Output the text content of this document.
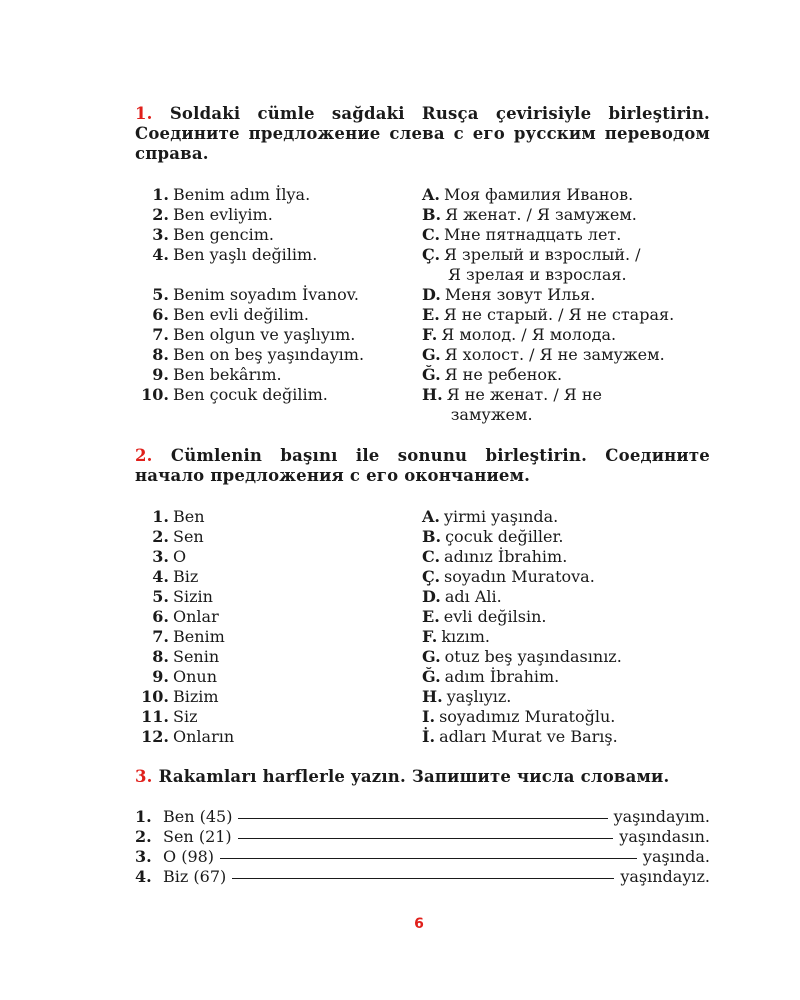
1. Soldaki cümle sağdaki Rusça çevirisiyle birleştirin. Соедините предложение слева с его русским переводом справа.
1. Benim adım İlya.
2. Ben evliyim.
3. Ben gencim.
4. Ben yaşlı değilim.
5. Benim soyadım İvanov.
6. Ben evli değilim.
7. Ben olgun ve yaşlıyım.
8. Ben on beş yaşındayım.
9. Ben bekârım.
10. Ben çocuk değilim.
A. Моя фамилия Иванов.
B. Я женат. / Я замужем.
C. Мне пятнадцать лет.
Ç. Я зрелый и взрослый. /
Я зрелая и взрослая.
D. Меня зовут Илья.
E. Я не старый. / Я не старая.
F. Я молод. / Я молода.
G. Я холост. / Я не замужем.
Ğ. Я не ребенок.
H. Я не женат. / Я не
замужем.
2. Cümlenin başını ile sonunu birleştirin. Соедините начало предложения с его окончанием.
1. Ben
2. Sen
3. O
4. Biz
5. Sizin
6. Onlar
7. Benim
8. Senin
9. Onun
10. Bizim
11. Siz
12. Onların
A. yirmi yaşında.
B. çocuk değiller.
C. adınız İbrahim.
Ç. soyadın Muratova.
D. adı Ali.
E. evli değilsin.
F. kızım.
G. otuz beş yaşındasınız.
Ğ. adım İbrahim.
H. yaşlıyız.
I. soyadımız Muratoğlu.
İ. adları Murat ve Barış.
3. Rakamları harflerle yazın. Запишите числа словами.
1. Ben (45)	yaşındayım.
2. Sen (21)	yaşındasın.
3. O (98)	yaşında.
4. Biz (67)	yaşındayız.
6
